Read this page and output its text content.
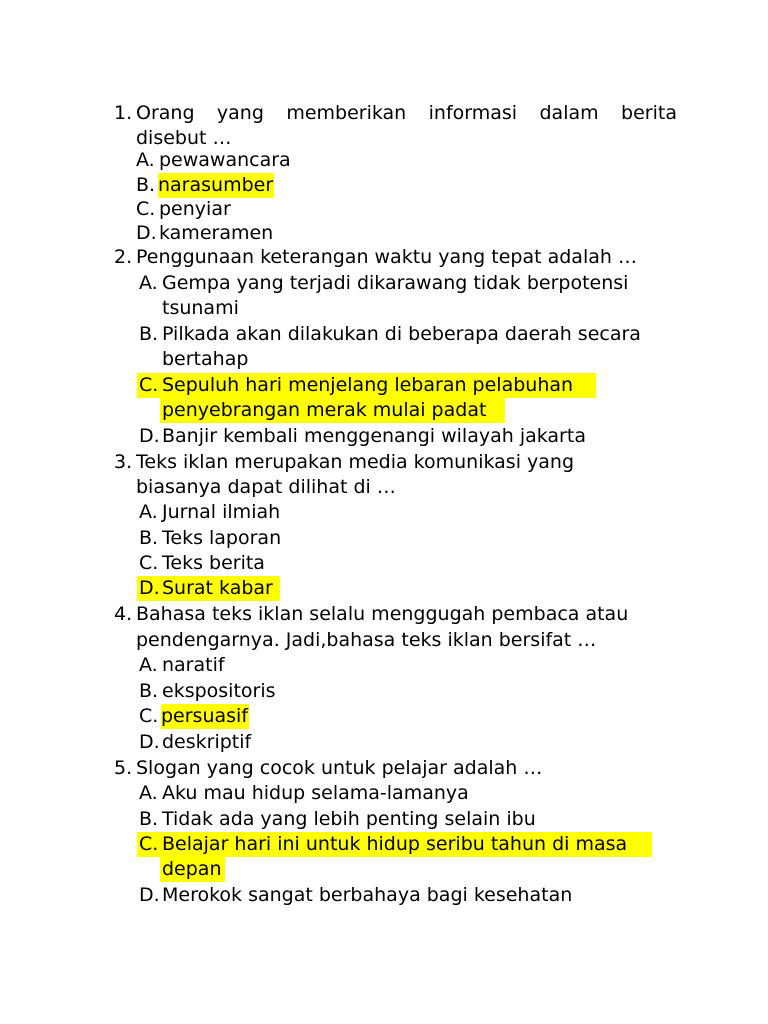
1. Orang yang memberikan informasi dalam berita
disebut …
A. pewawancara
B. narasumber
C. penyiar
D. kameramen
2. Penggunaan keterangan waktu yang tepat adalah …
A. Gempa yang terjadi dikarawang tidak berpotensi
tsunami
B. Pilkada akan dilakukan di beberapa daerah secara
bertahap
C. Sepuluh hari menjelang lebaran pelabuhan
penyebrangan merak mulai padat
D. Banjir kembali menggenangi wilayah jakarta
3. Teks iklan merupakan media komunikasi yang
biasanya dapat dilihat di …
A. Jurnal ilmiah
B. Teks laporan
C. Teks berita
D. Surat kabar
4. Bahasa teks iklan selalu menggugah pembaca atau
pendengarnya. Jadi,bahasa teks iklan bersifat …
A. naratif
B. ekspositoris
C. persuasif
D. deskriptif
5. Slogan yang cocok untuk pelajar adalah …
A. Aku mau hidup selama-lamanya
B. Tidak ada yang lebih penting selain ibu
C. Belajar hari ini untuk hidup seribu tahun di masa
depan
D. Merokok sangat berbahaya bagi kesehatan
